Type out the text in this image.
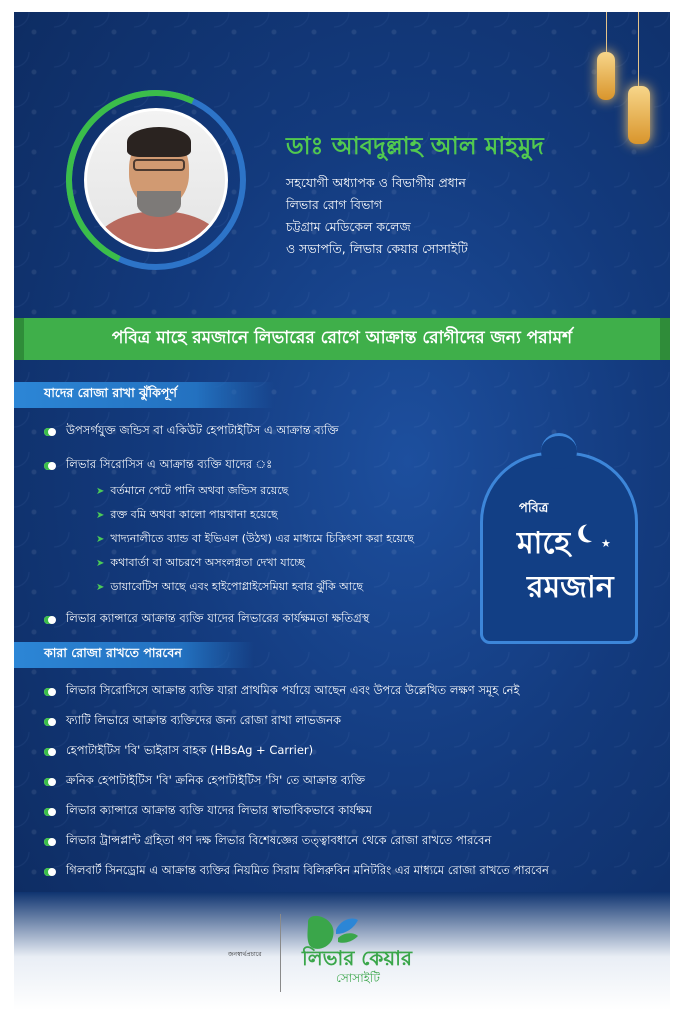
ডাঃ আবদুল্লাহ আল মাহমুদ
সহযোগী অধ্যাপক ও বিভাগীয় প্রধান
লিভার রোগ বিভাগ
চট্টগ্রাম মেডিকেল কলেজ
ও সভাপতি, লিভার কেয়ার সোসাইটি
পবিত্র মাহে রমজানে লিভারের রোগে আক্রান্ত রোগীদের জন্য পরামর্শ
যাদের রোজা রাখা ঝুঁকিপূর্ণ
উপসর্গযুক্ত জন্ডিস বা একিউট হেপাটাইটিস এ আক্রান্ত ব্যক্তি
লিভার সিরোসিস এ আক্রান্ত ব্যক্তি যাদের ঃ
➤ বর্তমানে পেটে পানি অথবা জন্ডিস রয়েছে
➤ রক্ত বমি অথবা কালো পায়খানা হয়েছে
➤ খাদ্যনালীতে ব্যান্ড বা ইভিএল (উঠথ) এর মাধ্যমে চিকিৎসা করা হয়েছে
➤ কথাবার্তা বা আচরণে অসংলগ্নতা দেখা যাচ্ছে
➤ ডায়াবেটিস আছে এবং হাইপোগ্লাইসেমিয়া হবার ঝুঁকি আছে
লিভার ক্যান্সারে আক্রান্ত ব্যক্তি যাদের লিভারের কার্যক্ষমতা ক্ষতিগ্রস্থ
পবিত্র
★
মাহে
রমজান
কারা রোজা রাখতে পারবেন
লিভার সিরোসিসে আক্রান্ত ব্যক্তি যারা প্রাথমিক পর্যায়ে আছেন এবং উপরে উল্লেখিত লক্ষণ সমূহ নেই
ফ্যাটি লিভারে আক্রান্ত ব্যক্তিদের জন্য রোজা রাখা লাভজনক
হেপাটাইটিস 'বি' ভাইরাস বাহক (HBsAg + Carrier)
ক্রনিক হেপাটাইটিস 'বি' ক্রনিক হেপাটাইটিস 'সি' তে আক্রান্ত ব্যক্তি
লিভার ক্যান্সারে আক্রান্ত ব্যক্তি যাদের লিভার স্বাভাবিকভাবে কার্যক্ষম
লিভার ট্রান্সপ্লান্ট গ্রহিতা গণ দক্ষ লিভার বিশেষজ্ঞের তত্ত্বাবধানে থেকে রোজা রাখতে পারবেন
গিলবার্ট সিনড্রোম এ আক্রান্ত ব্যক্তির নিয়মিত সিরাম বিলিরুবিন মনিটরিং এর মাধ্যমে রোজা রাখতে পারবেন
জনস্বার্থপ্রচারে লিভার কেয়ার
সোসাইটি
